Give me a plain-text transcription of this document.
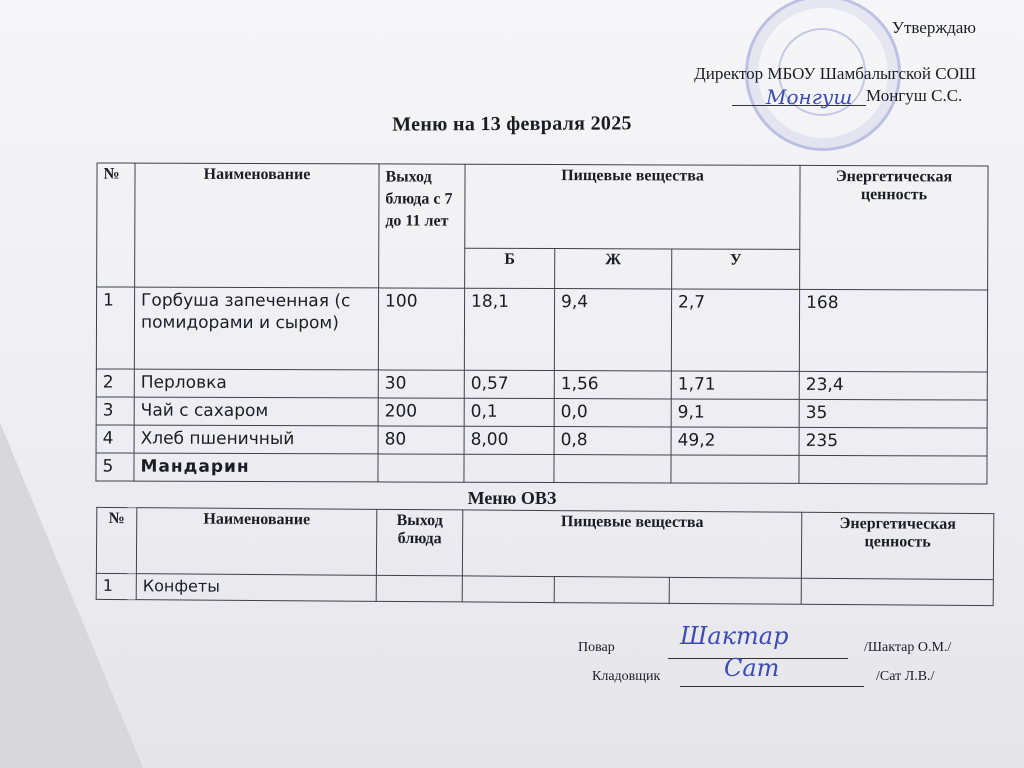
Утверждаю
Директор МБОУ Шамбалыгской СОШ
Монгуш Монгуш С.С.
Меню на 13 февраля 2025
№	Наименование	Выход блюда с 7 до 11 лет	Пищевые вещества			Энергетическая ценность
			Б	Ж	У	
1	Горбуша запеченная (с помидорами и сыром)	100	18,1	9,4	2,7	168
2	Перловка	30	0,57	1,56	1,71	23,4
3	Чай с сахаром	200	0,1	0,0	9,1	35
4	Хлеб пшеничный	80	8,00	0,8	49,2	235
5	Мандарин					
Меню ОВЗ
№	Наименование	Выход блюда	Пищевые вещества			Энергетическая ценность
1	Конфеты					
Повар	Шактар	/Шактар О.М./
Кладовщик	Сат	/Сат Л.В./
